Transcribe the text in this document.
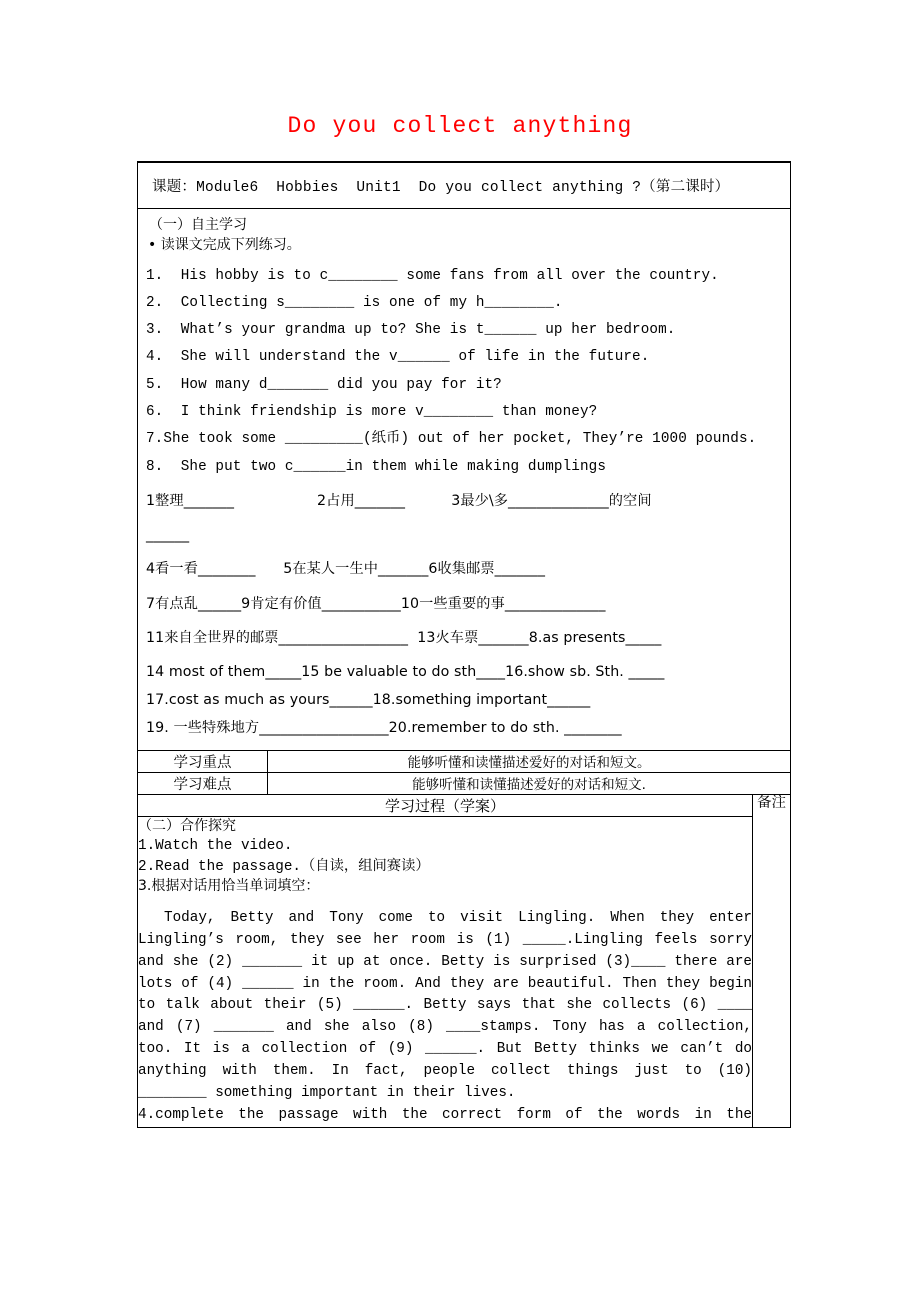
Do you collect anything
课题：Module6  Hobbies  Unit1  Do you collect anything ?（第二课时）		

（一）自主学习
• 读课文完成下列练习。
1.  His hobby is to c________ some fans from all over the country.
2.  Collecting s________ is one of my h________.
3.  What’s your grandma up to? She is t______ up her bedroom.
4.  She will understand the v______ of life in the future.
5.  How many d_______ did you pay for it?
6.  I think friendship is more v________ than money?
7.She took some _________(纸币) out of her pocket, They’re 1000 pounds.
8.  She put two c______in them while making dumplings
1整理_______                  2占用_______          3最少\多______________的空间
______
4看一看________      5在某人一生中_______6收集邮票_______
7有点乱______9肯定有价值___________10一些重要的事______________
11来自全世界的邮票__________________  13火车票_______8.as presents_____
14 most of them_____15 be valuable to do sth____16.show sb. Sth. _____
17.cost as much as yours______18.something important______
19. 一些特殊地方__________________20.remember to do sth. ________

学习重点	能够听懂和读懂描述爱好的对话和短文。	
学习难点	能够听懂和读懂描述爱好的对话和短文.	
学习过程（学案）		备注

（二）合作探究
1.Watch the video.
2.Read the passage.（自读，组间赛读）
3.根据对话用恰当单词填空：
Today, Betty and Tony come to visit Lingling. When they enter Lingling’s room, they see her room is (1) _____.Lingling feels sorry and she (2) _______ it up at once. Betty is surprised (3)____ there are lots of (4) ______ in the room. And they are beautiful. Then they begin to talk about their (5) ______. Betty says that she collects (6) ____ and (7) _______ and she also (8) ____stamps. Tony has a collection, too. It is a collection of (9) ______. But Betty thinks we can’t do anything with them. In fact, people collect things just to (10) ________ something important in their lives.
4.complete the passage with the correct form of the words in the
